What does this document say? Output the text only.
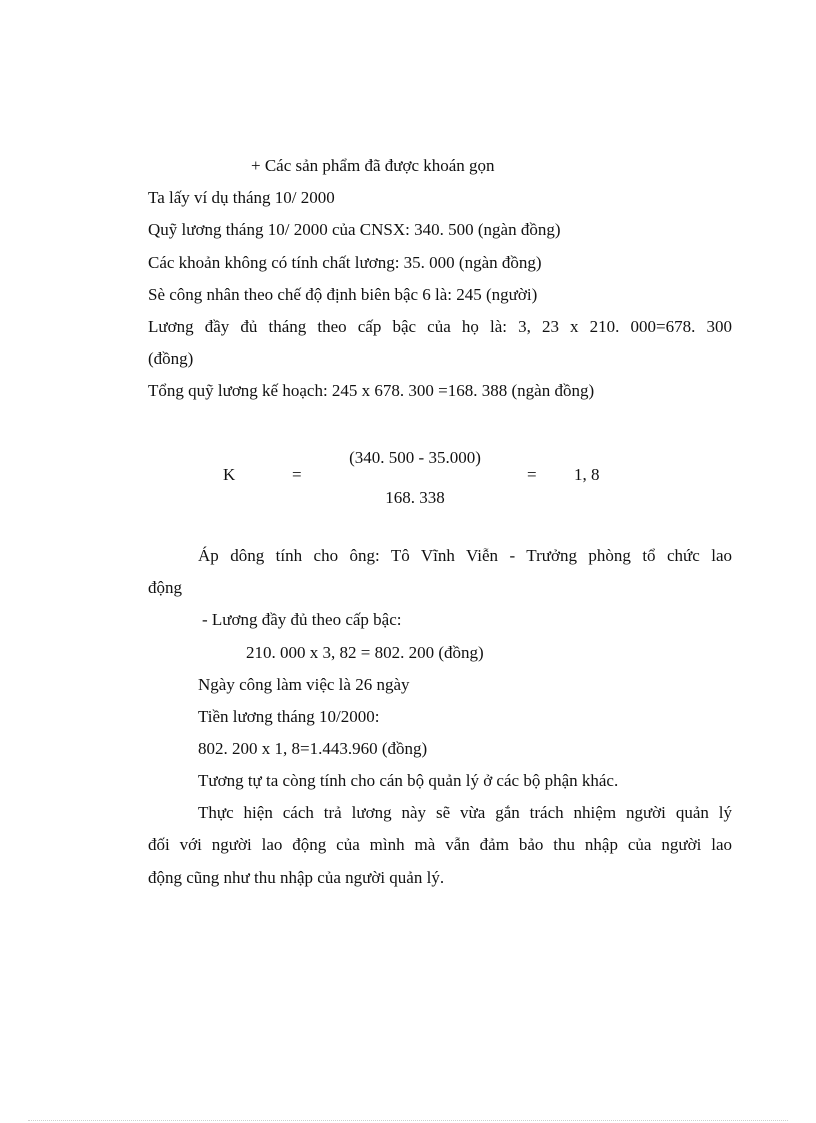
+ Các sản phẩm đã được khoán gọn
Ta lấy ví dụ tháng 10/ 2000
Quỹ lương tháng 10/ 2000 của CNSX: 340. 500 (ngàn đồng)
Các khoản không có tính chất lương: 35. 000 (ngàn đồng)
Sè công nhân theo chế độ định biên bậc 6 là: 245 (người)
Lương đầy đủ tháng theo cấp bậc của họ là: 3, 23 x 210. 000=678. 300
(đồng)
Tổng quỹ lương kế hoạch: 245 x 678. 300 =168. 388 (ngàn đồng)
K	=
(340. 500 - 35.000)
168. 338
= 1, 8
Áp dông tính cho ông: Tô Vĩnh Viễn - Trưởng phòng tổ chức lao
động
- Lương đầy đủ theo cấp bậc:
210. 000 x 3, 82 = 802. 200 (đồng)
Ngày công làm việc là 26 ngày
Tiền lương tháng 10/2000:
802. 200 x 1, 8=1.443.960 (đồng)
Tương tự ta còng tính cho cán bộ quản lý ở các bộ phận khác.
Thực hiện cách trả lương này sẽ vừa gắn trách nhiệm người quản lý
đối với người lao động của mình mà vẫn đảm bảo thu nhập của người lao
động cũng như thu nhập của người quản lý.
